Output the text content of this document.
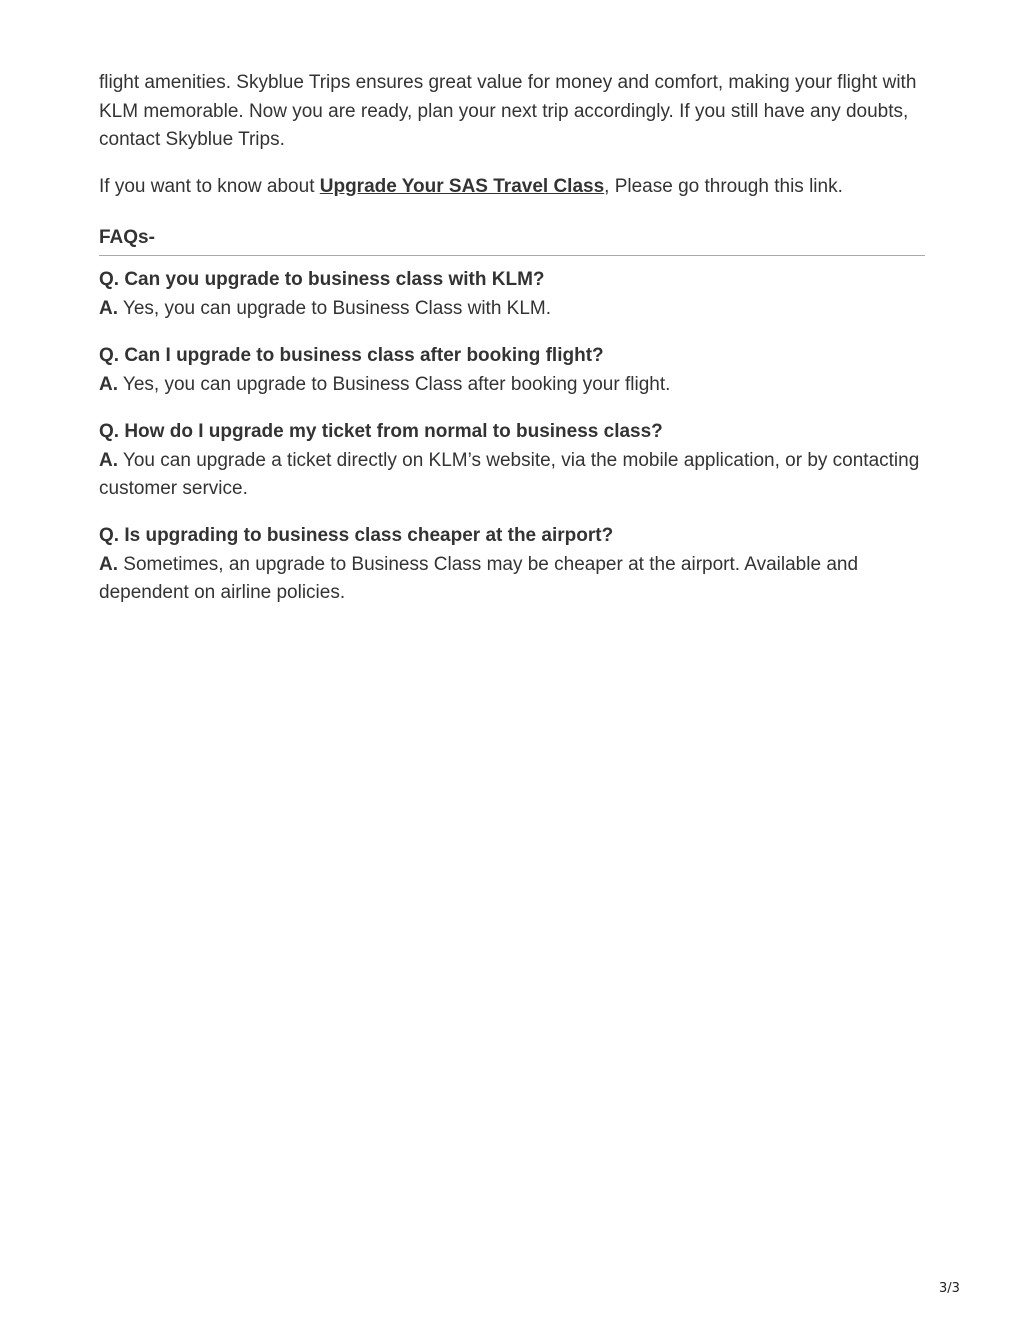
flight amenities. Skyblue Trips ensures great value for money and comfort, making your flight with KLM memorable. Now you are ready, plan your next trip accordingly. If you still have any doubts, contact Skyblue Trips.

If you want to know about Upgrade Your SAS Travel Class, Please go through this link.

FAQs-

Q. Can you upgrade to business class with KLM?

A. Yes, you can upgrade to Business Class with KLM.

Q. Can I upgrade to business class after booking flight?

A. Yes, you can upgrade to Business Class after booking your flight.

Q. How do I upgrade my ticket from normal to business class?

A. You can upgrade a ticket directly on KLM’s website, via the mobile application, or by contacting customer service.

Q. Is upgrading to business class cheaper at the airport?

A. Sometimes, an upgrade to Business Class may be cheaper at the airport. Available and dependent on airline policies.

3/3
